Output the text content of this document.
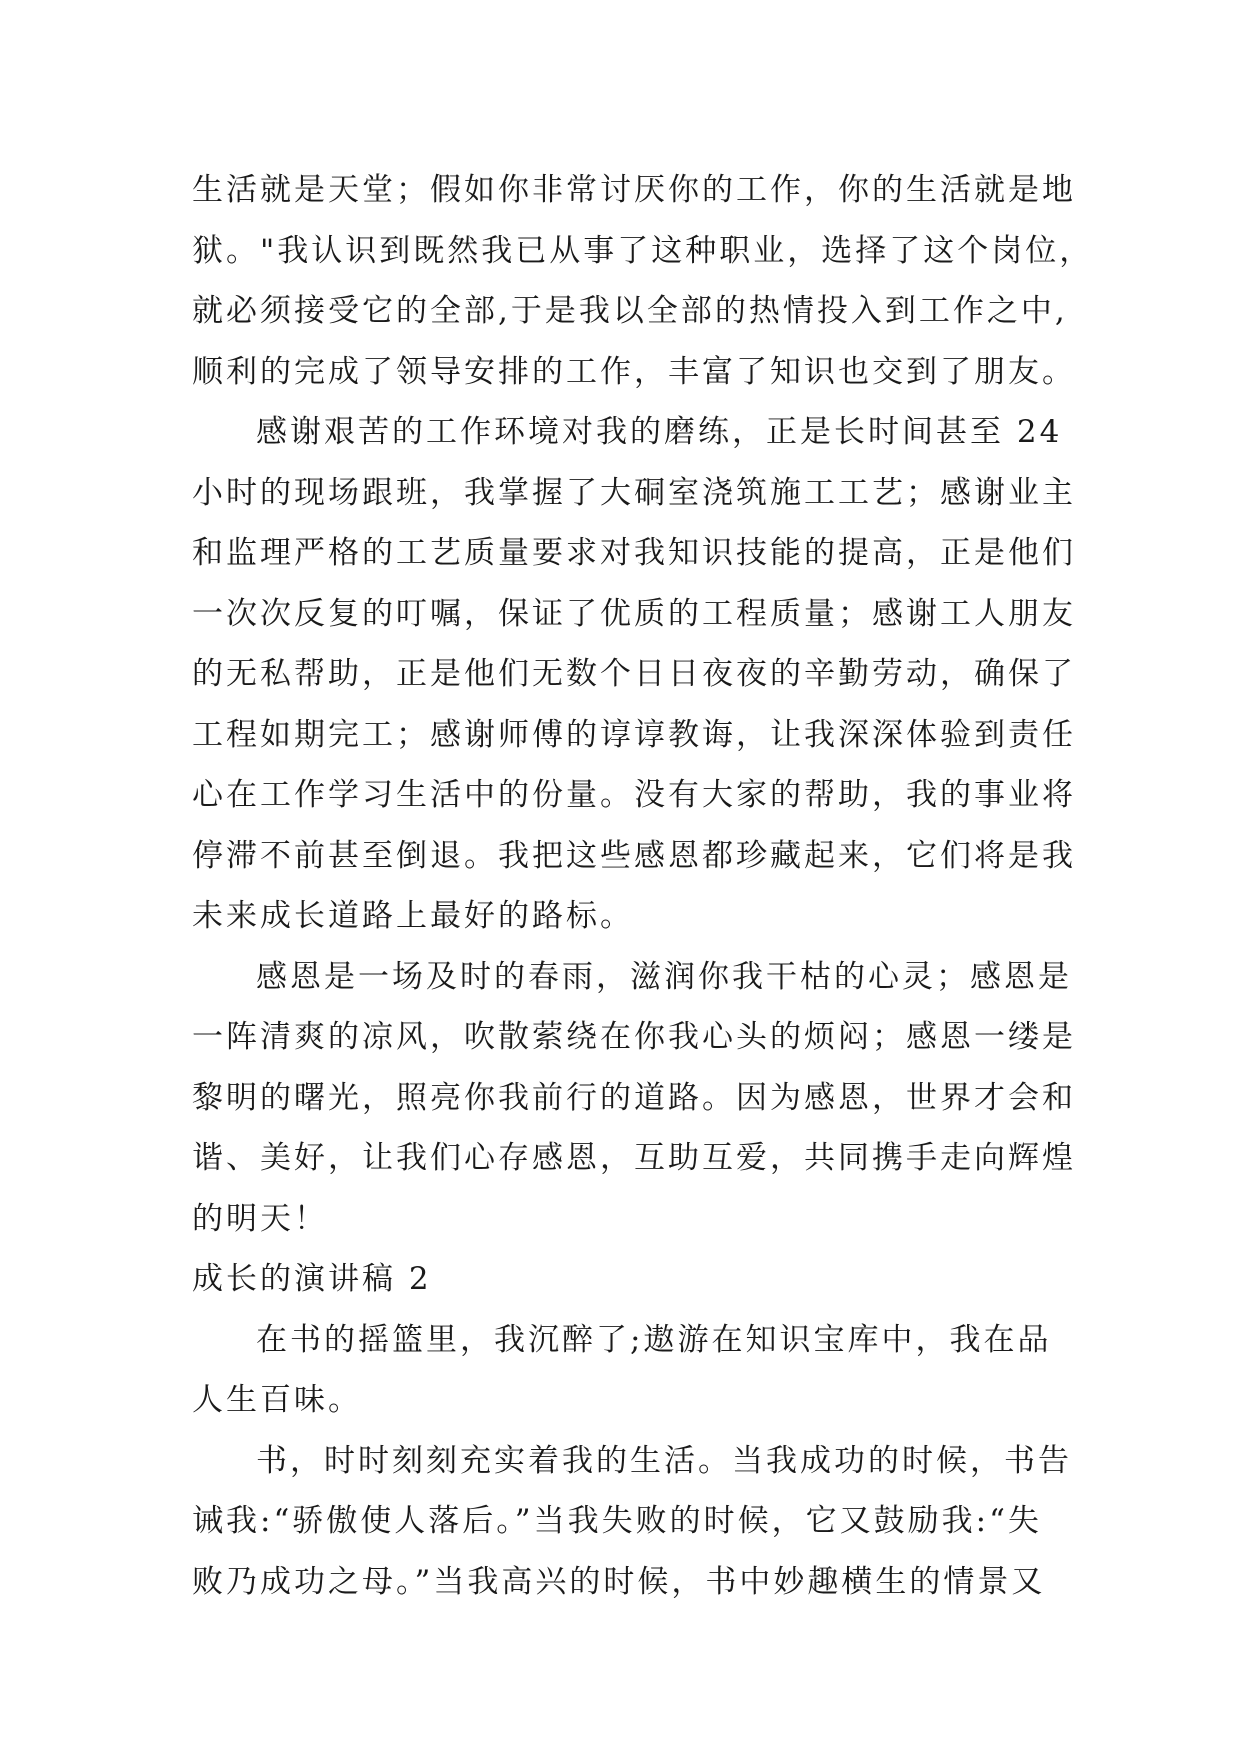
生活就是天堂；假如你非常讨厌你的工作，你的生活就是地
狱。"我认识到既然我已从事了这种职业，选择了这个岗位，
就必须接受它的全部,于是我以全部的热情投入到工作之中,
顺利的完成了领导安排的工作，丰富了知识也交到了朋友。
感谢艰苦的工作环境对我的磨练，正是长时间甚至 24
小时的现场跟班，我掌握了大硐室浇筑施工工艺；感谢业主
和监理严格的工艺质量要求对我知识技能的提高，正是他们
一次次反复的叮嘱，保证了优质的工程质量；感谢工人朋友
的无私帮助，正是他们无数个日日夜夜的辛勤劳动，确保了
工程如期完工；感谢师傅的谆谆教诲，让我深深体验到责任
心在工作学习生活中的份量。没有大家的帮助，我的事业将
停滞不前甚至倒退。我把这些感恩都珍藏起来，它们将是我
未来成长道路上最好的路标。
感恩是一场及时的春雨，滋润你我干枯的心灵；感恩是
一阵清爽的凉风，吹散萦绕在你我心头的烦闷；感恩一缕是
黎明的曙光，照亮你我前行的道路。因为感恩，世界才会和
谐、美好，让我们心存感恩，互助互爱，共同携手走向辉煌
的明天！
成长的演讲稿 2
在书的摇篮里，我沉醉了;遨游在知识宝库中，我在品
人生百味。
书，时时刻刻充实着我的生活。当我成功的时候，书告
诫我:“骄傲使人落后。”当我失败的时候，它又鼓励我:“失
败乃成功之母。”当我高兴的时候，书中妙趣横生的情景又
